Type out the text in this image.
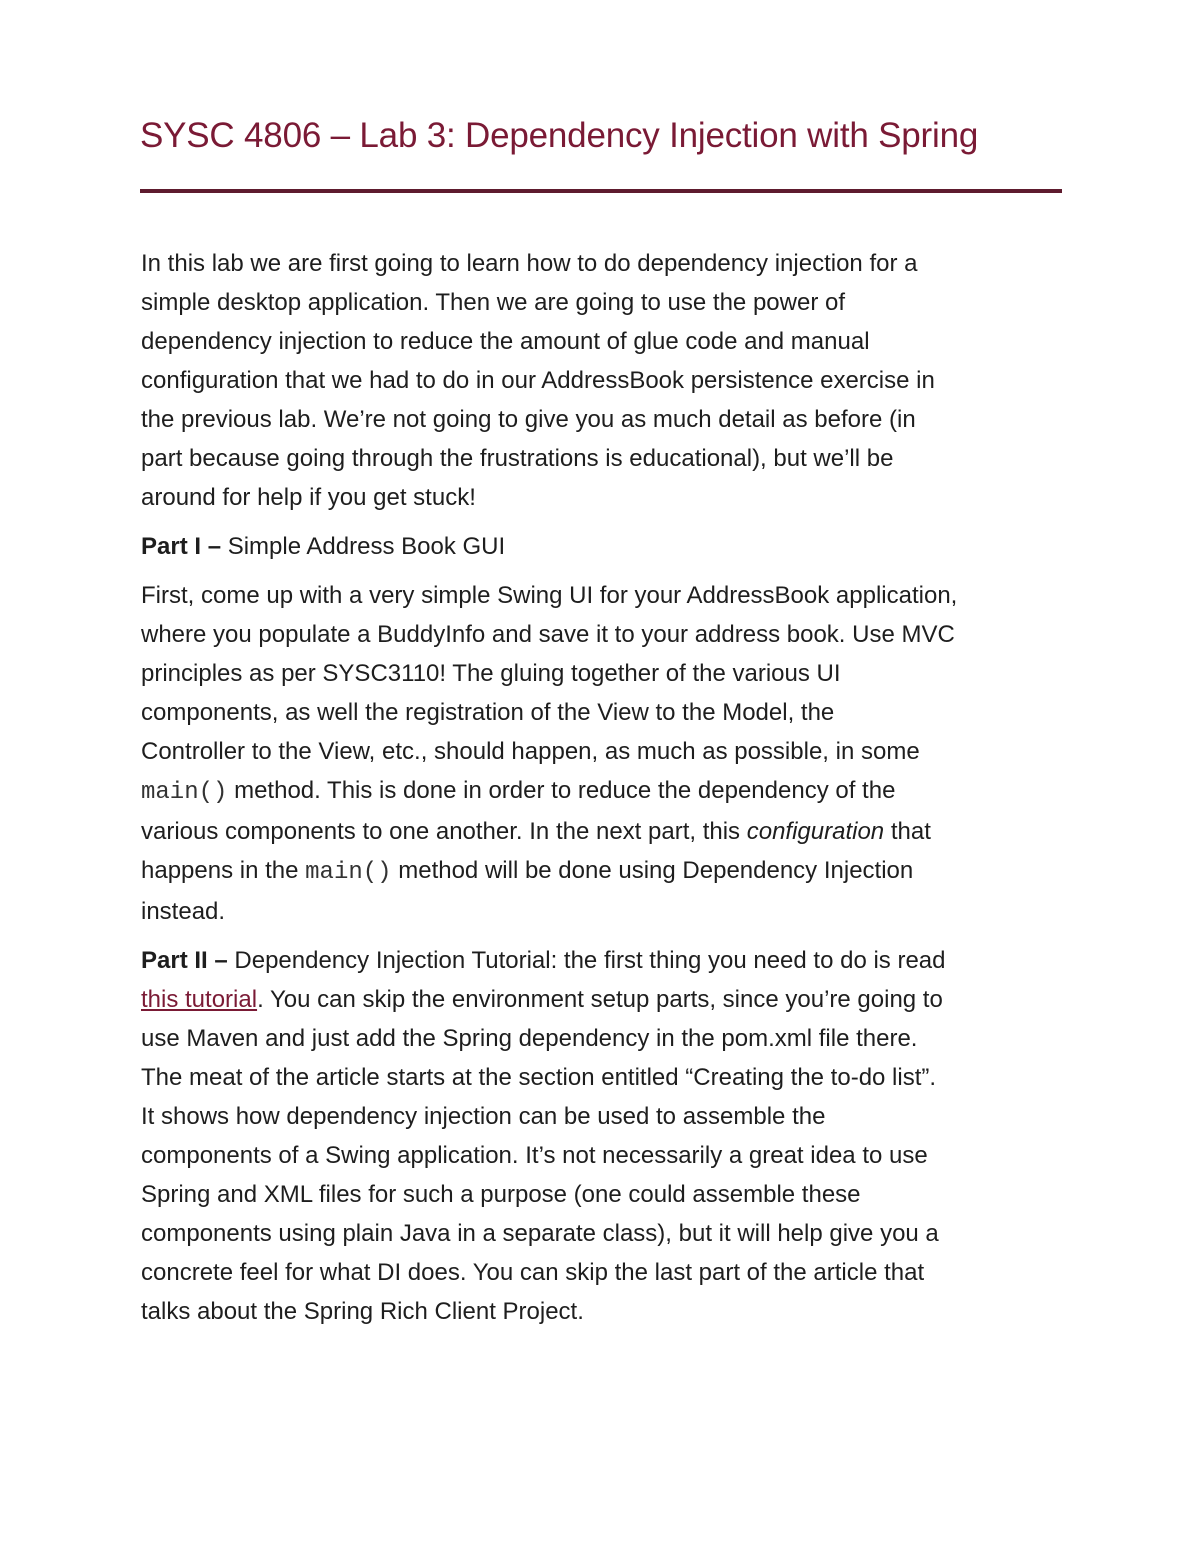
SYSC 4806 – Lab 3: Dependency Injection with Spring

In this lab we are first going to learn how to do dependency injection for a
simple desktop application. Then we are going to use the power of
dependency injection to reduce the amount of glue code and manual
configuration that we had to do in our AddressBook persistence exercise in
the previous lab. We’re not going to give you as much detail as before (in
part because going through the frustrations is educational), but we’ll be
around for help if you get stuck!

Part I – Simple Address Book GUI

First, come up with a very simple Swing UI for your AddressBook application,
where you populate a BuddyInfo and save it to your address book. Use MVC
principles as per SYSC3110! The gluing together of the various UI
components, as well the registration of the View to the Model, the
Controller to the View, etc., should happen, as much as possible, in some
main() method. This is done in order to reduce the dependency of the
various components to one another. In the next part, this configuration that
happens in the main() method will be done using Dependency Injection
instead.

Part II – Dependency Injection Tutorial: the first thing you need to do is read
this tutorial. You can skip the environment setup parts, since you’re going to
use Maven and just add the Spring dependency in the pom.xml file there.
The meat of the article starts at the section entitled “Creating the to-do list”.
It shows how dependency injection can be used to assemble the
components of a Swing application. It’s not necessarily a great idea to use
Spring and XML files for such a purpose (one could assemble these
components using plain Java in a separate class), but it will help give you a
concrete feel for what DI does. You can skip the last part of the article that
talks about the Spring Rich Client Project.
